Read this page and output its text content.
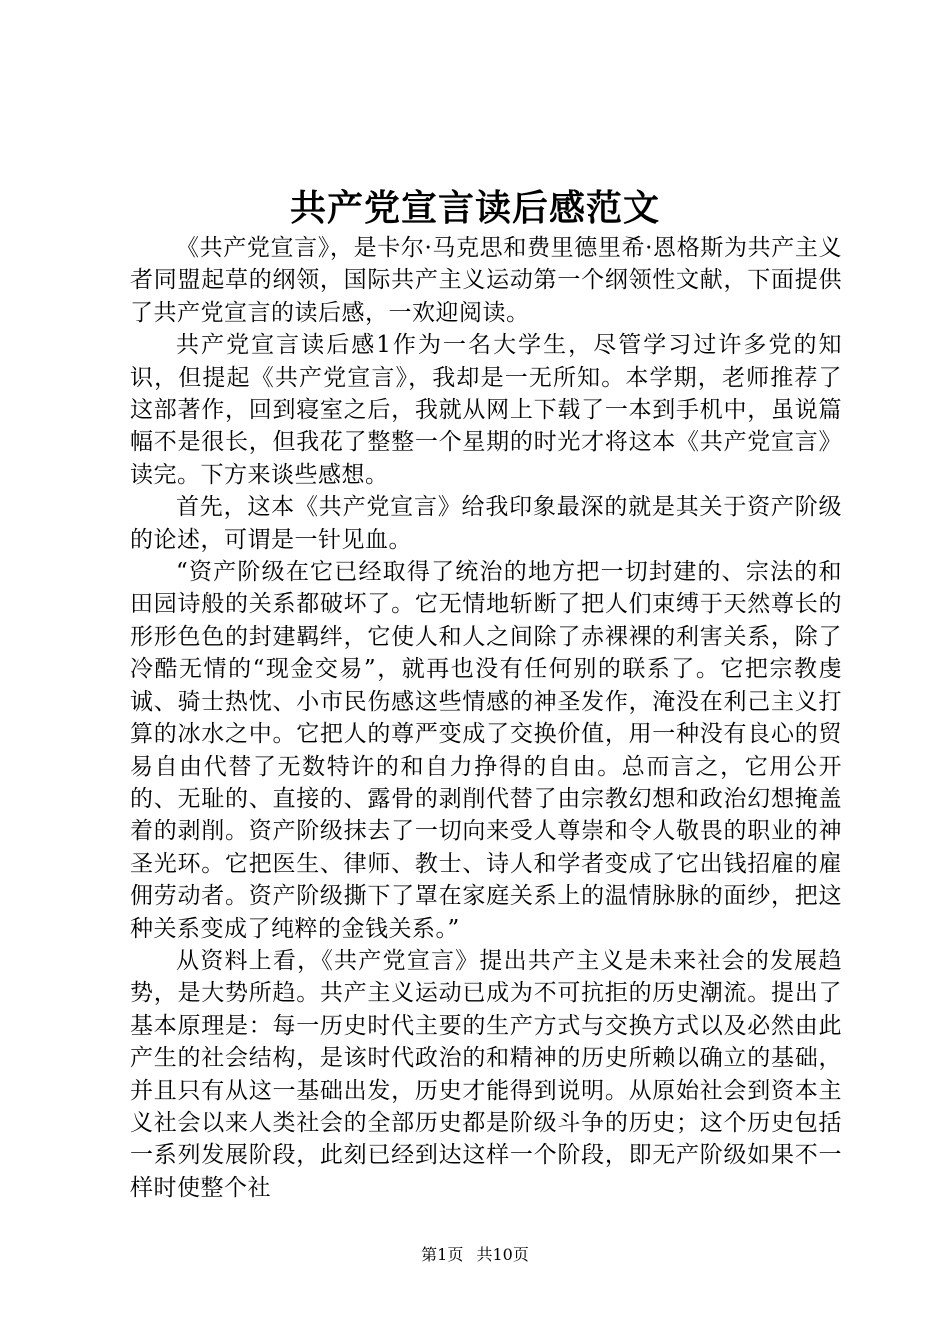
共产党宣言读后感范文

《共产党宣言》，是卡尔·马克思和费里德里希·恩格斯为共产主义者同盟起草的纲领，国际共产主义运动第一个纲领性文献，下面提供了共产党宣言的读后感，一欢迎阅读。

共产党宣言读后感1作为一名大学生，尽管学习过许多党的知识，但提起《共产党宣言》，我却是一无所知。本学期，老师推荐了这部著作，回到寝室之后，我就从网上下载了一本到手机中，虽说篇幅不是很长，但我花了整整一个星期的时光才将这本《共产党宣言》读完。下方来谈些感想。

首先，这本《共产党宣言》给我印象最深的就是其关于资产阶级的论述，可谓是一针见血。

“资产阶级在它已经取得了统治的地方把一切封建的、宗法的和田园诗般的关系都破坏了。它无情地斩断了把人们束缚于天然尊长的形形色色的封建羁绊，它使人和人之间除了赤裸裸的利害关系，除了冷酷无情的“现金交易”，就再也没有任何别的联系了。它把宗教虔诚、骑士热忱、小市民伤感这些情感的神圣发作，淹没在利己主义打算的冰水之中。它把人的尊严变成了交换价值，用一种没有良心的贸易自由代替了无数特许的和自力挣得的自由。总而言之，它用公开的、无耻的、直接的、露骨的剥削代替了由宗教幻想和政治幻想掩盖着的剥削。资产阶级抹去了一切向来受人尊崇和令人敬畏的职业的神圣光环。它把医生、律师、教士、诗人和学者变成了它出钱招雇的雇佣劳动者。资产阶级撕下了罩在家庭关系上的温情脉脉的面纱，把这种关系变成了纯粹的金钱关系。”

从资料上看，《共产党宣言》提出共产主义是未来社会的发展趋势，是大势所趋。共产主义运动已成为不可抗拒的历史潮流。提出了基本原理是：每一历史时代主要的生产方式与交换方式以及必然由此产生的社会结构，是该时代政治的和精神的历史所赖以确立的基础，并且只有从这一基础出发，历史才能得到说明。从原始社会到资本主义社会以来人类社会的全部历史都是阶级斗争的历史；这个历史包括一系列发展阶段，此刻已经到达这样一个阶段，即无产阶级如果不一样时使整个社

第1页 共10页
